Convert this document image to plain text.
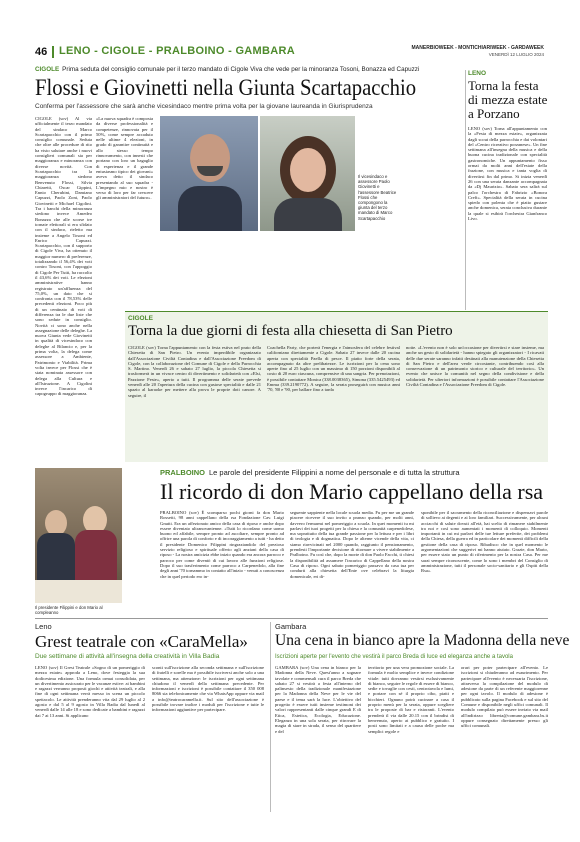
46 LENO - CIGOLE - PRALBOINO - GAMBARA	MANERBIOWEEK - MONTICHIARIWEEK - GARDAWEEK
VENERDÌ 12 LUGLIO 2024
CIGOLE Prima seduta del consiglio comunale per il terzo mandato di Cigole Viva che vede per la minoranza Tosoni, Bonazza ed Capuzzi
Flossi e Giovinetti nella Giunta Scartapacchio
Conferma per l'assessore che sarà anche vicesindaco mentre prima volta per la giovane laureanda in Giurisprudenza
CIGOLE (sov) Al via ufficialmente il terzo mandato del sindaco Marco Scartapacchio con il primo consiglio comunale. Seduta che oltre alle procedure di rito ha visto salutare anche i nuovi consiglieri comunali sia per maggioranza e minoranza con diverse novità. Con Scartapacchio tra la maggioranza siedono Benvenuto Flossi, Silvia Chiaretti, Oscar Gippini, Ennio Cherubini, Damiano Capuzzi, Paolo Zoni, Paolo Giovinetti e Michael Cigolini. Tra i banchi della minoranza siedono invece Amedeo Bonazza che alle scorse tre tornate elettorali si era sfidato con il sindaco, rieletto ma insieme a Angelo Tosoni ed Enrico Capuzzi. Scartapacchio, con il supporto di Cigole Viva, ha ottenuto il maggior numero di preferenze, totalizzando il 56,4% dei voti contro Tosoni, con l'appoggio di Cigole Per Tutti, ha raccolto il 43,6% dei voti. Le elezioni amministrative hanno registrato un'affluenza del 75,0%, un dato che si confronta con il 78,53% delle precedenti elezioni. Poco più di un centinaio di voti di differenza tra le due liste che sono sedute in consiglio. Novità ci sono anche nella assegnazione delle deleghe. La nuova Giunta vede Giovinetti in qualità di vicesindaco con deleghe al Bilancio e, per la prima volta, la delega come assessore a Ambiente, Patrimonio e Viabilità. Prima volta invece per Flossi che è stata nominata assessore con delega alla Cultura e all'Istruzione. A Cigolini invece l'incarico di capogruppo di maggioranza.
«La nuova squadra è composta da diverse professionalità e competenze, rinnovata per il 50%, come sempre accaduto nelle ultime 4 elezioni, in grado di garantire continuità e allo stesso tempo rinnovamento, con innesti che portano con loro un bagaglio di esperienza e il grande entusiasmo tipico dei giovani» aveva detto il sindaco presentando al suo squadra - L'impegno mio e nostro è verso di loro per far crescere gli amministratori del futuro».
Il vicesindaco e assessore Paolo Giovinetti e l'assessore Beatrice Flossi che compongono la giunta del terzo mandato di Marco Scartapacchio
LENO
Torna la festa di mezza estate a Porzano
LENO (sov) Torna all'appuntamento con la «Festa di mezza estate», organizzata dagli scout della parrocchia e dai volontari del «Centro ricreativo porzanese». Un fine settimana all'insegna della musica e della buona cucina tradizionale con specialità gastronomiche. Un appuntamento fisso ormai da molti anni dell'estate della frazione, con musica e tanta voglia di divertirsi fin dal primo. Si inizia venerdì 26 con una serata danzante accompagnata da «Dj Maurizio». Sabato sera salirà sul palco l'orchestra di Fabrizio «Bonora Creft». Specialità della serata in cucina spiedo con polenta che è piatto gustare anche domenica, serata conclusiva durante la quale si esibirà l'orchestra Gianfranco Livo.
CIGOLE
Torna la due giorni di festa alla chiesetta di San Pietro
CIGOLE (sov) Torna l'appuntamento con la festa estiva nel prato della Chiesetta di San Pietro. Un evento imperdibile organizzato dall'Associazione Civiltà Contadina e dall'Associazione Freedom di Cigole, con la collaborazione del Comune di Cigole e della Parrocchia S. Martino. Venerdì 26 e sabato 27 luglio, la piccola Chiesetta si trasformerà in un vivace centro di divertimento e solidarietà con «Elsi, Pazzione Feste», aperto a tutti. Il programma delle serate prevede venerdì alle 20 l'apertura della cucina con gustose specialità e dalle 21 spazio al karaoke per mettere alla prova le proprie doti canore. A seguire, il
Coachella Party, che porterà l'energia e l'atmosfera del celebre festival californiano direttamente a Cigole. Sabato 27 invece dalle 20 cucina aperta con specialità Paella di pesce. Il piatto forte della serata, accompagnato da altre prelibatezze. Le iscrizioni per la cena sono aperte fino al 25 luglio con un massimo di 150 porzioni disponibili al costo di 20 euro ciascuna, comprensive di una sangria. Per prenotazioni, è possibile contattare Monica (338.0038365), Simona (335.5425493) ed Emma (339.2190772). A seguire, la serata proseguirà con musica anni '70, '80 e '90, per ballare fino a tarda
notte. «L'evento non è solo un'occasione per divertirsi e stare insieme, ma anche un gesto di solidarietà - hanno spiegato gli organizzatori - I ricavati delle due serate saranno infatti destinati alla manutenzione della Chiesetta di San Pietro e dell'area verde circostante, contribuendo così alla conservazione di un patrimonio storico e culturale del territorio». Un evento che unisce la comunità nel segno della condivisione e della solidarietà. Per ulteriori informazioni è possibile contattare l'Associazione Civiltà Contadina e l'Associazione Freedom di Cigole.
Il presidente Filippini e don Mario al compleanno
PRALBOINO Le parole del presidente Filippini a nome del personale e di tutta la struttura
Il ricordo di don Mario cappellano della rsa
PRALBOINO (sov) È scomparso pochi giorni fa don Mario Rossetti, 98 anni cappellano della rsa Fondazione Cav. Luigi Gnutti. Era un affezionato amico della casa di riposo e anche dopo essere diventato ultranovantenne. «Tutti lo ricordano come uomo buono ed affabile, sempre pronto ad ascoltare, sempre pronto ad offrire una parola di conforto e di incoraggiamento a tutti - ha detto il presidente Domenico Filippini ringraziandolo del prezioso servizio religioso e spirituale offerto agli anziani della casa di riposo - La nostra amicizia ebbe inizio quando era ancora parroco e parroco per come diventò di cui lavoro alle funzioni religiose. Dopo il suo trasferimento come parroco a Carpenedolo, alla fine degli anni '70 tornammo in contatto all'inizio - venuti a conoscenza che in quel periodo ero in-
seguente sappiente nella locale scuola media. Fu per me un grande piacere ricevere il suo invito a pranzo quando, per molti anni, davvero fermarmi nel pomeriggio a scuola. In quei momenti tu mi parlavi dei tuoi progetti per la chiesa e la comunità carpenedolese, ma soprattutto della tua grande passione per la lettura e per i libri di teologia e di dogmatica. Dopo le alterne vicende della vita, ci siamo riavvicinati nel 2000 quando, raggiunto il pensionamento, prendesti l'importante decisione di ritornare a vivere stabilmente a Pralboino. Fu così che, dopo la morte di don Paolo Facchi, ti chiesi la disponibilità ad assumere l'incarico di Cappellano della nostra Casa di riposo. Ogni sabato pomeriggio passavo da casa tua per condurti alla chiesetta dell'Ente ove celebravi la liturgia domenicale, eri di-
sponibile per il sacramento della riconciliazione e dispensavi parole di sollievo ai degenti e ai loro familiari. Successivamente, per alcuni acciacchi di salute dovuti all'età, hai scelto di rimanere stabilmente tra noi e così sono aumentati i momenti di colloquio. Momenti importanti in cui mi parlavi delle tue letture preferite, dei problemi della Chiesa, della guerra ed in particolare dei momenti difficili della gestione della casa di riposo. Ribadisco che in quel momento le argomentazioni che suggerivi mi hanno aiutato. Grazie, don Mario, per essere stato un punto di riferimento per la nostra Casa. Per me sarai sempre riconoscente, come lo sono i membri del Consiglio di amministrazione, tutti il personale socio-sanitario e gli Ospiti della Rsa».
Leno
Grest teatrale con «CaraMella»
Due settimane di attività all'insegna della creatività in Villa Badia
LENO (sov) Il Grest Teatrale «Sogno di un pomeriggio di mezza estate» approda a Leno, dove festeggia la sua dodicesima edizione. Una formula ormai consolidata, per un divertimento assicurato per le vacanze estive: ai bambini e ragazzi verranno proposti giochi e attività teatrali, e alla fine di ogni settimana verrà messo in scena un piccolo spettacolo. Le attività prenderanno vita dal 29 luglio al 2 agosto e dal 5 al 9 agosto in Villa Badia dal lunedì al venerdì dalle 14 alle 18 e sono dedicate a bambini e ragazzi dai 7 ai 13 anni. Si applicano
sconti sull'iscrizione alla seconda settimana e sull'iscrizione di fratelli e sorelle ma è possibile iscriversi anche solo a una settimana, ma attenzione: le iscrizioni per ogni settimana chiudono il venerdì della settimana precedente. Per informazioni e iscrizioni è possibile contattare il 350 008 8066 sia telefonicamente che via WhatsApp oppure via mail a info@teatrocaramella.it. Sul sito dell'associazione è possibile trovare inoltre i moduli per l'iscrizione e tutte le informazioni aggiuntive per partecipare.
Gambara
Una cena in bianco apre la Madonna della neve
Iscrizioni aperte per l'evento che vestirà il parco Breda di luce ed eleganza anche a tavola
GAMBARA (sov) Una cena in bianco per la Madonna della Neve. Quest'anno a sognare tavolate e commensali cura il parco Breda che sabato 27 si vestirà a festa all'interno del palinsesto della tradizionale manifestazione per la Madonna della Neve per le vie del paese e il tema sarà la luce. L'obiettivo del progetto è essere tutti insieme testimoni dei valori rappresentanti dalle cinque grandi E di Etica, Estetica, Ecologia, Educazione. Eleganza in una sola serata, per ritrovare la magia di stare in strada, il senso del quartiere e del
territorio per una vera promozione sociale. La formula è molto semplice e invece condizione vitale: tutti dovranno vestirsi esclusivamente di bianco, seguire le regole di essere di bianco, sedie e tovaglie con cesti, centrotavola e lumi, e portare con sé il proprio cibo, piatti e bicchieri. Ognuno potrà cucinare a casa il proprio menù per la serata, oppure scegliere tra le proposte di bar e ristoranti. L'evento prenderà il via dalle 20.15 con il brindisi di benvenuto, aperto ai pubblico e gratuito. I posti sono limitati e a causa delle poche ma semplici regole e
orari per poter partecipare all'evento. Le iscrizioni si chiuderanno ad esaurimento. Per partecipare all'evento è necessaria l'iscrizione, attraverso la compilazione del modulo di adesione da parte di un referente maggiorenne per ogni tavolo. Il modulo di adesione è pubblicato sulla pagina Facebook e sul sito del Comune e disponibile negli uffici comunali. Il modulo compilato può essere inviato via mail all'indirizzo libreria@comune.gambara.bs.it oppure consegnato direttamente presso gli uffici comunali.
